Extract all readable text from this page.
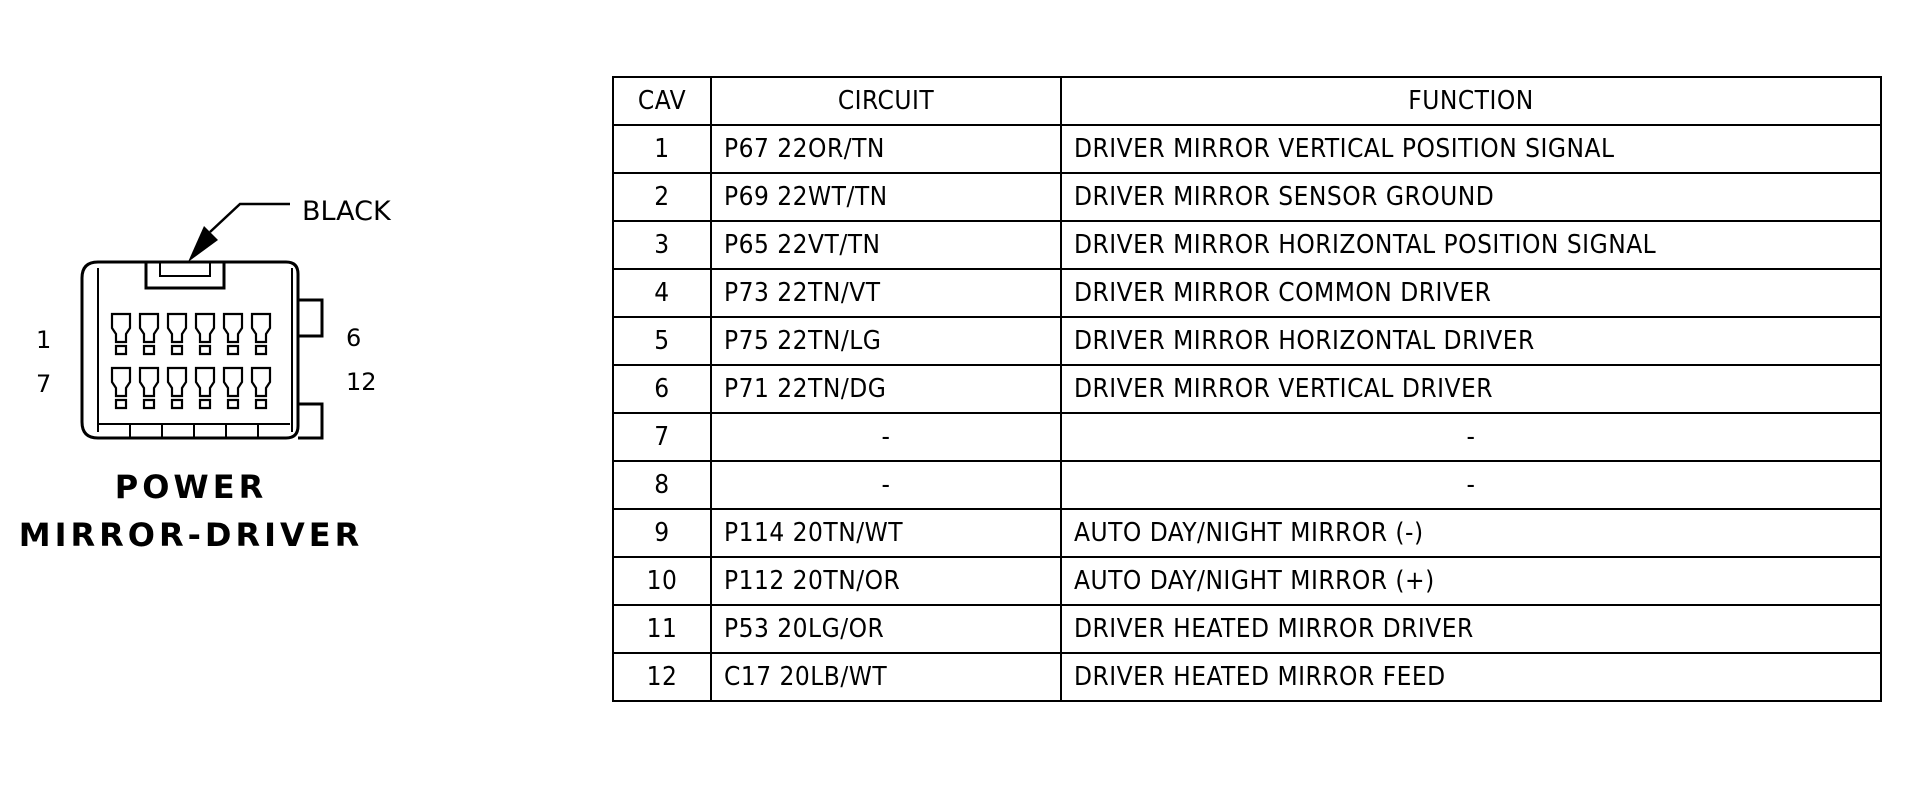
BLACK
1
7
6
12
POWER
MIRROR-DRIVER
CAV	CIRCUIT	FUNCTION
1	P67 22OR/TN	DRIVER MIRROR VERTICAL POSITION SIGNAL
2	P69 22WT/TN	DRIVER MIRROR SENSOR GROUND
3	P65 22VT/TN	DRIVER MIRROR HORIZONTAL POSITION SIGNAL
4	P73 22TN/VT	DRIVER MIRROR COMMON DRIVER
5	P75 22TN/LG	DRIVER MIRROR HORIZONTAL DRIVER
6	P71 22TN/DG	DRIVER MIRROR VERTICAL DRIVER
7	-	-
8	-	-
9	P114 20TN/WT	AUTO DAY/NIGHT MIRROR (-)
10	P112 20TN/OR	AUTO DAY/NIGHT MIRROR (+)
11	P53 20LG/OR	DRIVER HEATED MIRROR DRIVER
12	C17 20LB/WT	DRIVER HEATED MIRROR FEED
